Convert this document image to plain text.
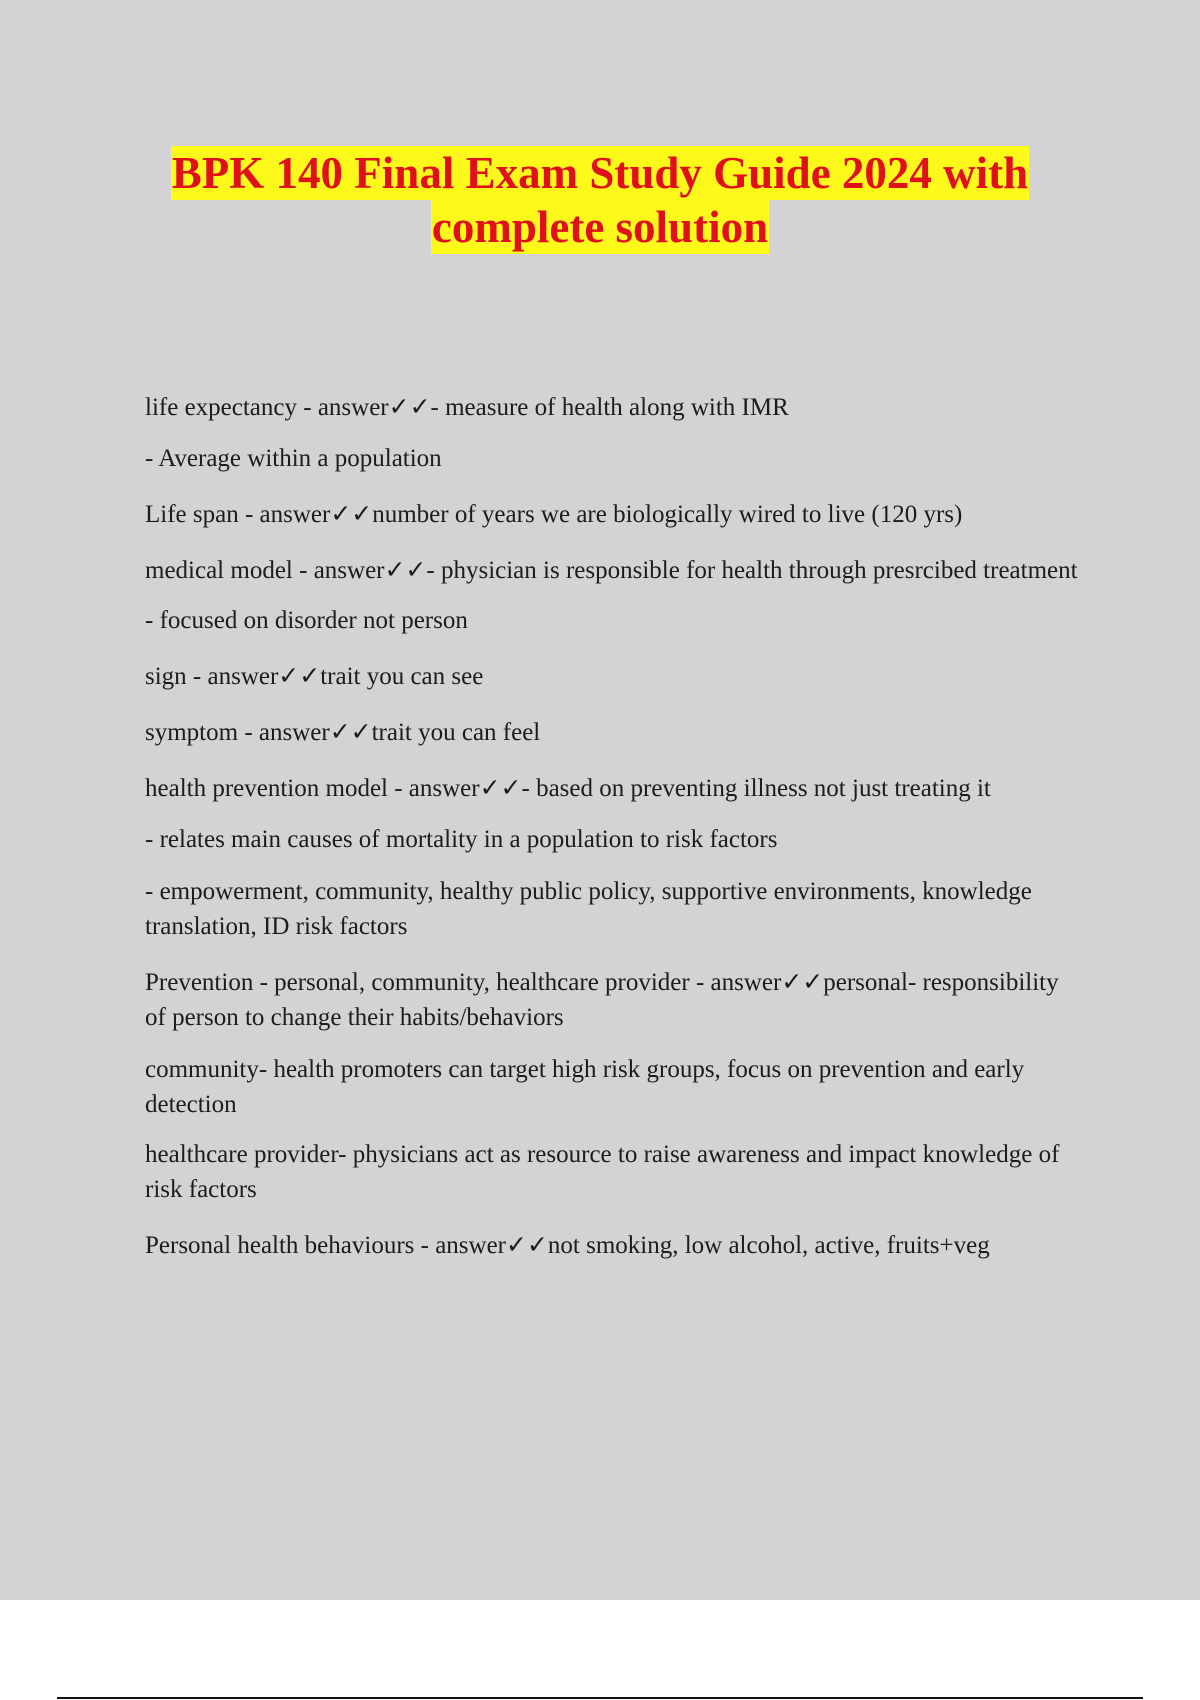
BPK 140 Final Exam Study Guide 2024 with
complete solution

life expectancy - answer✓✓- measure of health along with IMR

- Average within a population

Life span - answer✓✓number of years we are biologically wired to live (120 yrs)

medical model - answer✓✓- physician is responsible for health through presrcibed treatment

- focused on disorder not person

sign - answer✓✓trait you can see

symptom - answer✓✓trait you can feel

health prevention model - answer✓✓- based on preventing illness not just treating it

- relates main causes of mortality in a population to risk factors

- empowerment, community, healthy public policy, supportive environments, knowledge translation, ID risk factors

Prevention - personal, community, healthcare provider - answer✓✓personal- responsibility of person to change their habits/behaviors

community- health promoters can target high risk groups, focus on prevention and early detection

healthcare provider- physicians act as resource to raise awareness and impact knowledge of risk factors

Personal health behaviours - answer✓✓not smoking, low alcohol, active, fruits+veg
